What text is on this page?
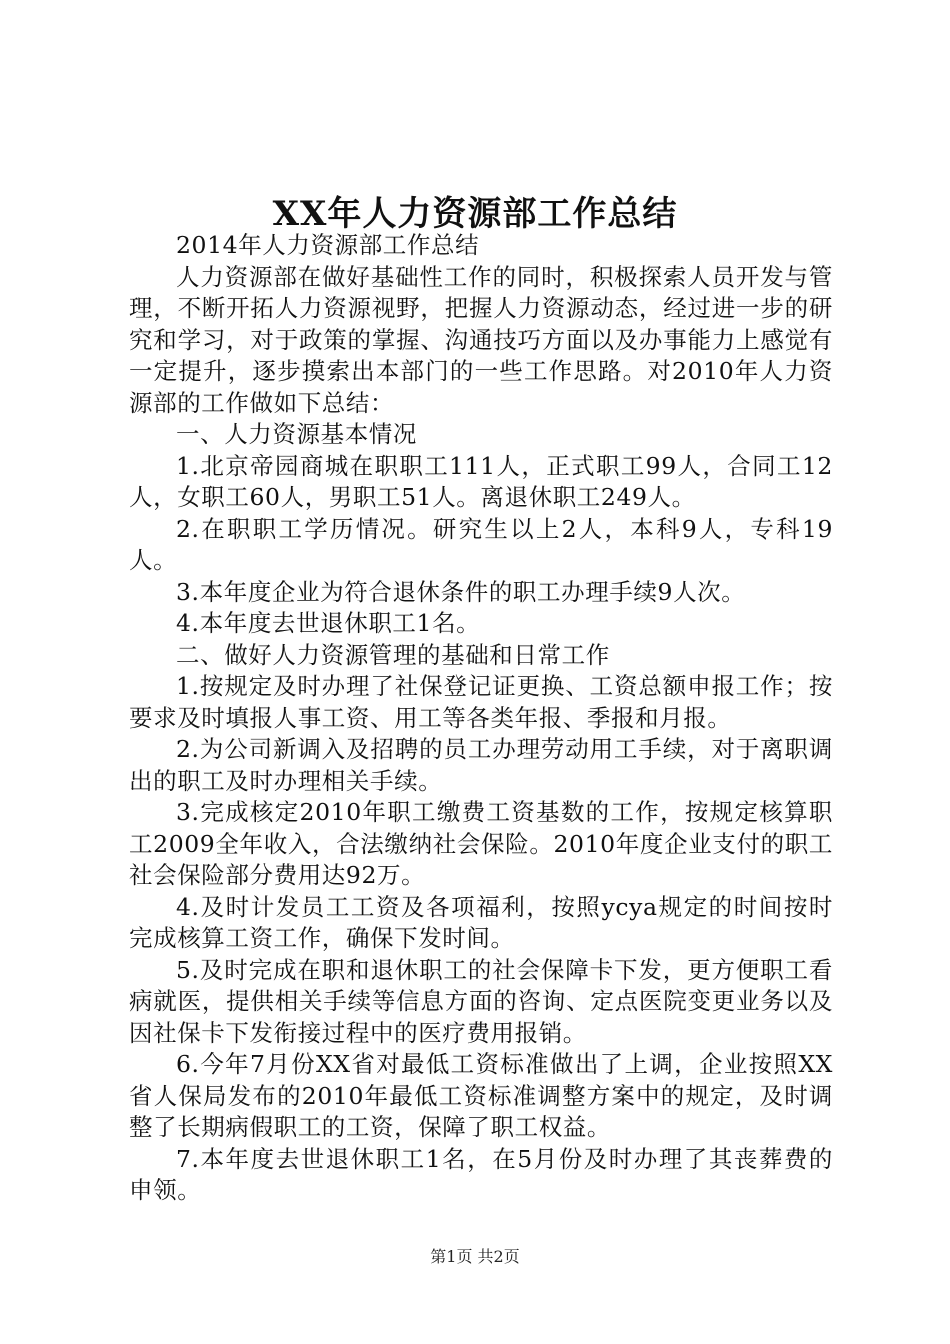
XX年人力资源部工作总结

2014年人力资源部工作总结

人力资源部在做好基础性工作的同时，积极探索人员开发与管理，不断开拓人力资源视野，把握人力资源动态，经过进一步的研究和学习，对于政策的掌握、沟通技巧方面以及办事能力上感觉有一定提升，逐步摸索出本部门的一些工作思路。对2010年人力资源部的工作做如下总结：

一、人力资源基本情况

1.北京帝园商城在职职工111人，正式职工99人，合同工12人，女职工60人，男职工51人。离退休职工249人。

2.在职职工学历情况。研究生以上2人，本科9人，专科19人。

3.本年度企业为符合退休条件的职工办理手续9人次。

4.本年度去世退休职工1名。

二、做好人力资源管理的基础和日常工作

1.按规定及时办理了社保登记证更换、工资总额申报工作；按要求及时填报人事工资、用工等各类年报、季报和月报。

2.为公司新调入及招聘的员工办理劳动用工手续，对于离职调出的职工及时办理相关手续。

3.完成核定2010年职工缴费工资基数的工作，按规定核算职工2009全年收入，合法缴纳社会保险。2010年度企业支付的职工社会保险部分费用达92万。

4.及时计发员工工资及各项福利，按照ycya规定的时间按时完成核算工资工作，确保下发时间。

5.及时完成在职和退休职工的社会保障卡下发，更方便职工看病就医，提供相关手续等信息方面的咨询、定点医院变更业务以及因社保卡下发衔接过程中的医疗费用报销。

6.今年7月份XX省对最低工资标准做出了上调，企业按照XX省人保局发布的2010年最低工资标准调整方案中的规定，及时调整了长期病假职工的工资，保障了职工权益。

7.本年度去世退休职工1名，在5月份及时办理了其丧葬费的申领。

第1页 共2页
